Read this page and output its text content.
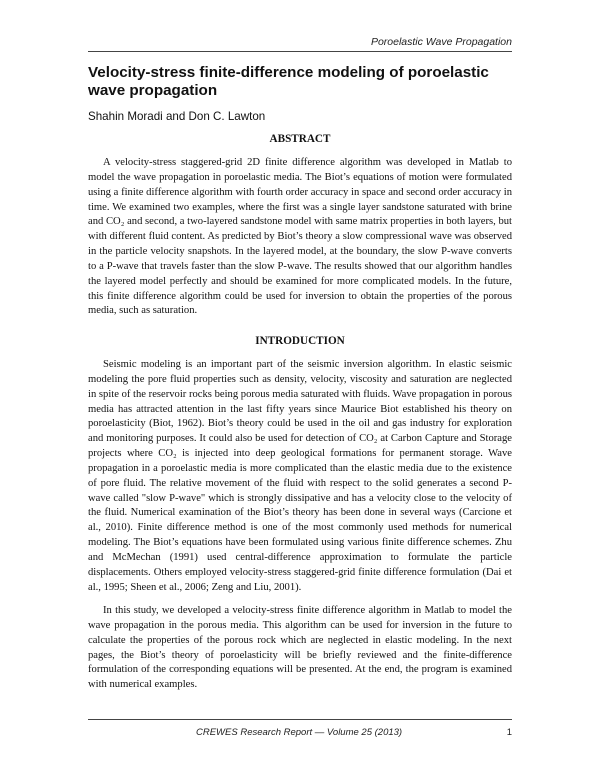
Poroelastic Wave Propagation
Velocity-stress finite-difference modeling of poroelastic wave propagation
Shahin Moradi and Don C. Lawton
ABSTRACT

A velocity-stress staggered-grid 2D finite difference algorithm was developed in Matlab to model the wave propagation in poroelastic media. The Biot’s equations of motion were formulated using a finite difference algorithm with fourth order accuracy in space and second order accuracy in time. We examined two examples, where the first was a single layer sandstone saturated with brine and CO₂ and second, a two-layered sandstone model with same matrix properties in both layers, but with different fluid content. As predicted by Biot’s theory a slow compressional wave was observed in the particle velocity snapshots. In the layered model, at the boundary, the slow P-wave converts to a P-wave that travels faster than the slow P-wave. The results showed that our algorithm handles the layered model perfectly and should be examined for more complicated models. In the future, this finite difference algorithm could be used for inversion to obtain the properties of the porous media, such as saturation.

INTRODUCTION

Seismic modeling is an important part of the seismic inversion algorithm. In elastic seismic modeling the pore fluid properties such as density, velocity, viscosity and saturation are neglected in spite of the reservoir rocks being porous media saturated with fluids. Wave propagation in porous media has attracted attention in the last fifty years since Maurice Biot established his theory on poroelasticity (Biot, 1962). Biot’s theory could be used in the oil and gas industry for exploration and monitoring purposes. It could also be used for detection of CO₂ at Carbon Capture and Storage projects where CO₂ is injected into deep geological formations for permanent storage. Wave propagation in a poroelastic media is more complicated than the elastic media due to the existence of pore fluid. The relative movement of the fluid with respect to the solid generates a second P-wave called "slow P-wave" which is strongly dissipative and has a velocity close to the velocity of the fluid. Numerical examination of the Biot’s theory has been done in several ways (Carcione et al., 2010). Finite difference method is one of the most commonly used methods for numerical modeling. The Biot’s equations have been formulated using various finite difference schemes. Zhu and McMechan (1991) used central-difference approximation to formulate the particle displacements. Others employed velocity-stress staggered-grid finite difference formulation (Dai et al., 1995; Sheen et al., 2006; Zeng and Liu, 2001).

In this study, we developed a velocity-stress finite difference algorithm in Matlab to model the wave propagation in the porous media. This algorithm can be used for inversion in the future to calculate the properties of the porous rock which are neglected in elastic modeling. In the next pages, the Biot’s theory of poroelasticity will be briefly reviewed and the finite-difference formulation of the corresponding equations will be presented. At the end, the program is examined with numerical examples.

CREWES Research Report — Volume 25 (2013)	1
